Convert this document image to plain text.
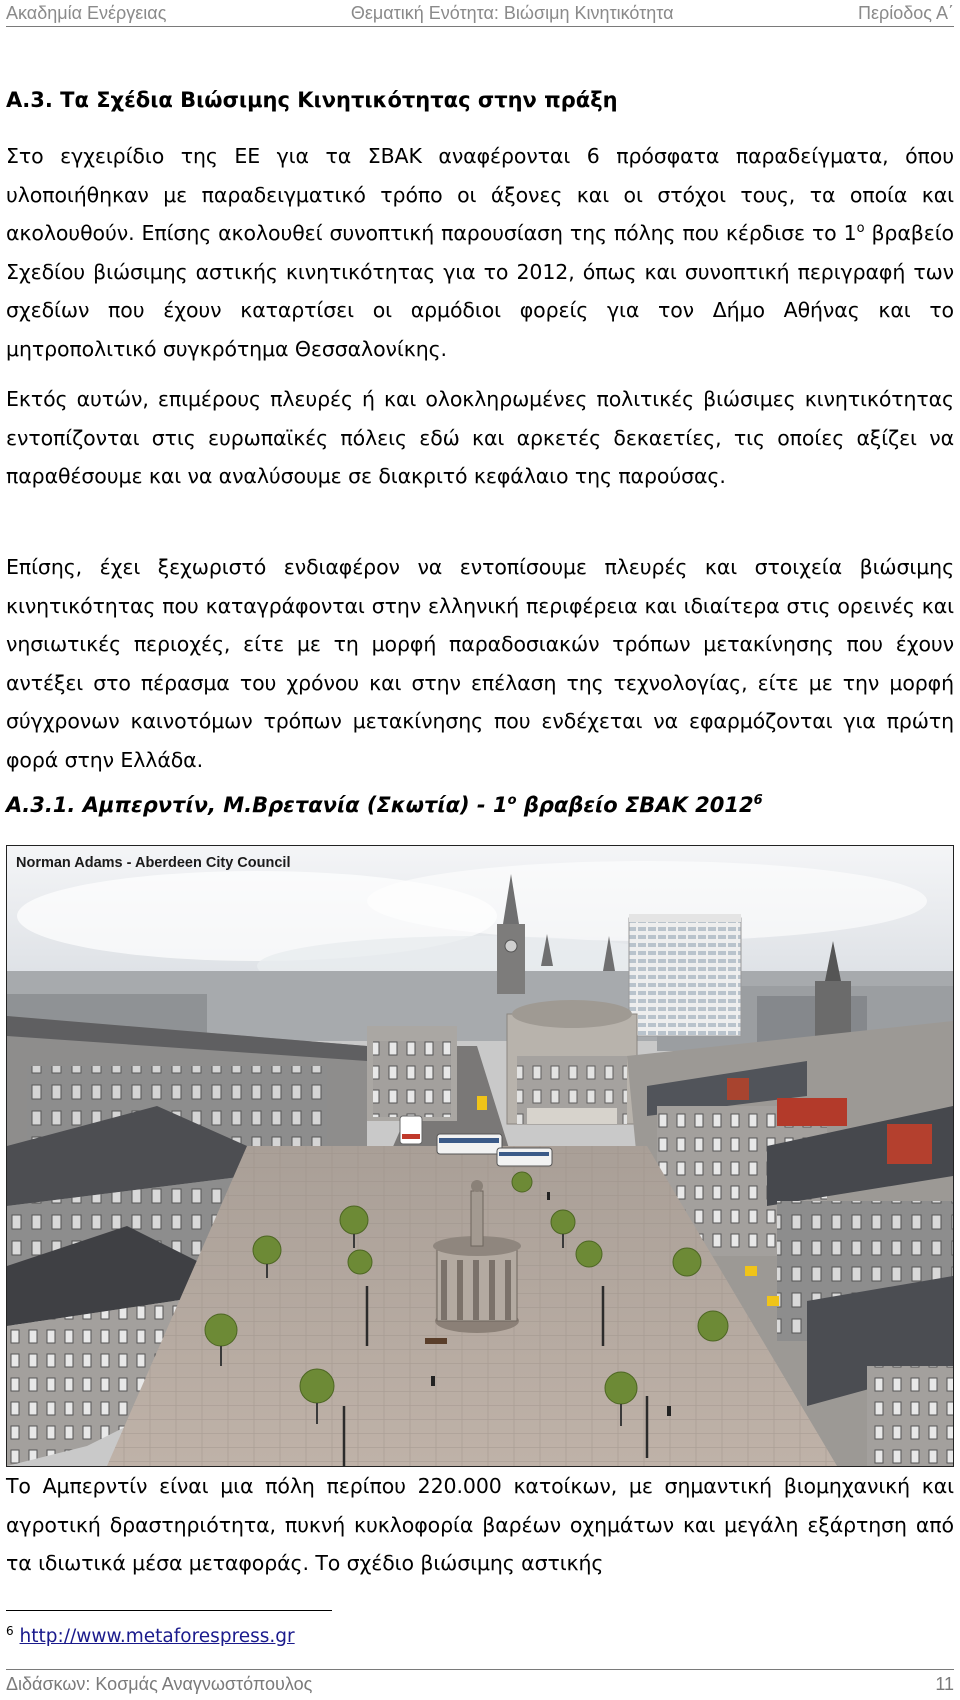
Ακαδημία Ενέργειας	Θεματική Ενότητα: Βιώσιμη Κινητικότητα	Περίοδος Α΄
Α.3. Τα Σχέδια Βιώσιμης Κινητικότητας στην πράξη
Στο εγχειρίδιο της ΕΕ για τα ΣΒΑΚ αναφέρονται 6 πρόσφατα παραδείγματα, όπου υλοποιήθηκαν με παραδειγματικό τρόπο οι άξονες και οι στόχοι τους, τα οποία και ακολουθούν. Επίσης ακολουθεί συνοπτική παρουσίαση της πόλης που κέρδισε το $1^o$ βραβείο Σχεδίου βιώσιμης αστικής κινητικότητας για το 2012, όπως και συνοπτική περιγραφή των σχεδίων που έχουν καταρτίσει οι αρμόδιοι φορείς για τον Δήμο Αθήνας και το μητροπολιτικό συγκρότημα Θεσσαλονίκης.
Εκτός αυτών, επιμέρους πλευρές ή και ολοκληρωμένες πολιτικές βιώσιμες κινητικότητας εντοπίζονται στις ευρωπαϊκές πόλεις εδώ και αρκετές δεκαετίες, τις οποίες αξίζει να παραθέσουμε και να αναλύσουμε σε διακριτό κεφάλαιο της παρούσας.
Επίσης, έχει ξεχωριστό ενδιαφέρον να εντοπίσουμε πλευρές και στοιχεία βιώσιμης κινητικότητας που καταγράφονται στην ελληνική περιφέρεια και ιδιαίτερα στις ορεινές και νησιωτικές περιοχές, είτε με τη μορφή παραδοσιακών τρόπων μετακίνησης που έχουν αντέξει στο πέρασμα του χρόνου και στην επέλαση της τεχνολογίας, είτε με την μορφή σύγχρονων καινοτόμων τρόπων μετακίνησης που ενδέχεται να εφαρμόζονται για πρώτη φορά στην Ελλάδα.
Α.3.1. Αμπερντίν, Μ.Βρετανία $(\Sigma\kappa\omega\tau ί\alpha) - 1^o$ βραβείο ΣΒΑΚ 2012$^6$
Norman Adams - Aberdeen City Council
Το Αμπερντίν είναι μια πόλη περίπου 220.000 κατοίκων, με σημαντική βιομηχανική και αγροτική δραστηριότητα, πυκνή κυκλοφορία βαρέων οχημάτων και μεγάλη εξάρτηση από τα ιδιωτικά μέσα μεταφοράς. Το σχέδιο βιώσιμης αστικής
$^6$ http://www.metaforespress.gr
Διδάσκων: Κοσμάς Αναγνωστόπουλος	11
